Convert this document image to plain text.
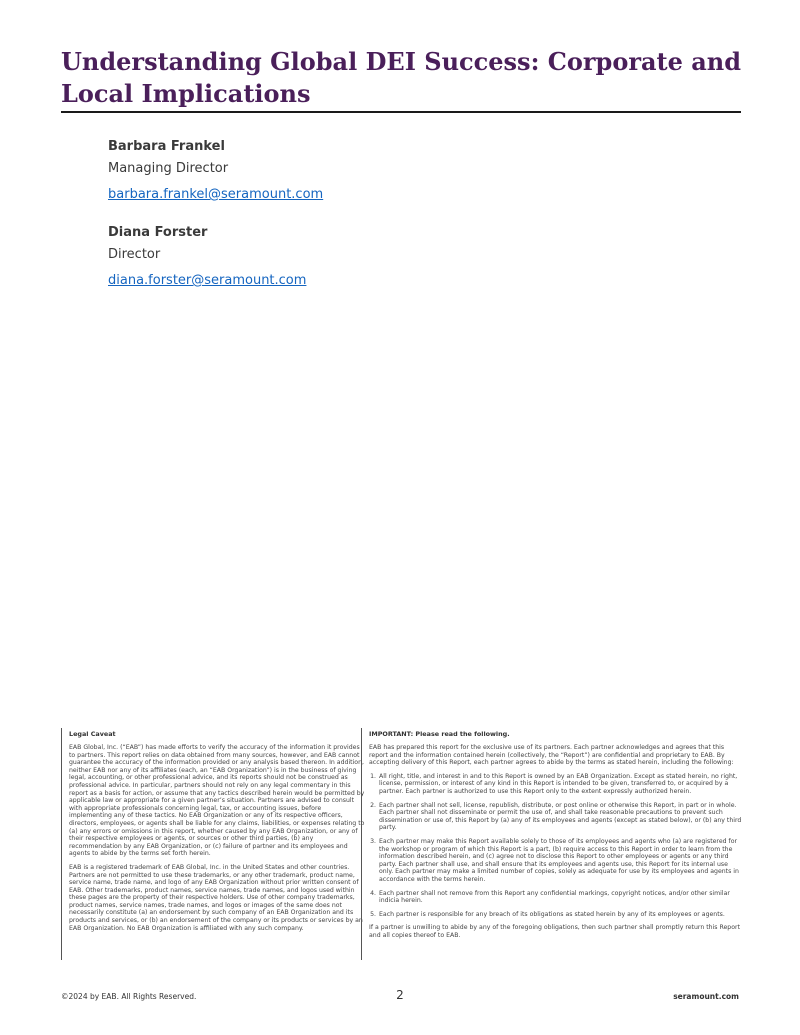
Understanding Global DEI Success: Corporate and Local Implications
Barbara Frankel
Managing Director
barbara.frankel@seramount.com
Diana Forster
Director
diana.forster@seramount.com
Legal Caveat

EAB Global, Inc. (“EAB”) has made efforts to verify the accuracy of the information it provides to partners. This report relies on data obtained from many sources, however, and EAB cannot guarantee the accuracy of the information provided or any analysis based thereon. In addition, neither EAB nor any of its affiliates (each, an “EAB Organization”) is in the business of giving legal, accounting, or other professional advice, and its reports should not be construed as professional advice. In particular, partners should not rely on any legal commentary in this report as a basis for action, or assume that any tactics described herein would be permitted by applicable law or appropriate for a given partner’s situation. Partners are advised to consult with appropriate professionals concerning legal, tax, or accounting issues, before implementing any of these tactics. No EAB Organization or any of its respective officers, directors, employees, or agents shall be liable for any claims, liabilities, or expenses relating to (a) any errors or omissions in this report, whether caused by any EAB Organization, or any of their respective employees or agents, or sources or other third parties, (b) any recommendation by any EAB Organization, or (c) failure of partner and its employees and agents to abide by the terms set forth herein.

EAB is a registered trademark of EAB Global, Inc. in the United States and other countries. Partners are not permitted to use these trademarks, or any other trademark, product name, service name, trade name, and logo of any EAB Organization without prior written consent of EAB. Other trademarks, product names, service names, trade names, and logos used within these pages are the property of their respective holders. Use of other company trademarks, product names, service names, trade names, and logos or images of the same does not necessarily constitute (a) an endorsement by such company of an EAB Organization and its products and services, or (b) an endorsement of the company or its products or services by an EAB Organization. No EAB Organization is affiliated with any such company.

IMPORTANT: Please read the following.

EAB has prepared this report for the exclusive use of its partners. Each partner acknowledges and agrees that this report and the information contained herein (collectively, the “Report”) are confidential and proprietary to EAB. By accepting delivery of this Report, each partner agrees to abide by the terms as stated herein, including the following:

1. All right, title, and interest in and to this Report is owned by an EAB Organization. Except as stated herein, no right, license, permission, or interest of any kind in this Report is intended to be given, transferred to, or acquired by a partner. Each partner is authorized to use this Report only to the extent expressly authorized herein.
2. Each partner shall not sell, license, republish, distribute, or post online or otherwise this Report, in part or in whole. Each partner shall not disseminate or permit the use of, and shall take reasonable precautions to prevent such dissemination or use of, this Report by (a) any of its employees and agents (except as stated below), or (b) any third party.
3. Each partner may make this Report available solely to those of its employees and agents who (a) are registered for the workshop or program of which this Report is a part, (b) require access to this Report in order to learn from the information described herein, and (c) agree not to disclose this Report to other employees or agents or any third party. Each partner shall use, and shall ensure that its employees and agents use, this Report for its internal use only. Each partner may make a limited number of copies, solely as adequate for use by its employees and agents in accordance with the terms herein.
4. Each partner shall not remove from this Report any confidential markings, copyright notices, and/or other similar indicia herein.
5. Each partner is responsible for any breach of its obligations as stated herein by any of its employees or agents.

If a partner is unwilling to abide by any of the foregoing obligations, then such partner shall promptly return this Report and all copies thereof to EAB.

©2024 by EAB. All Rights Reserved.	2	seramount.com
